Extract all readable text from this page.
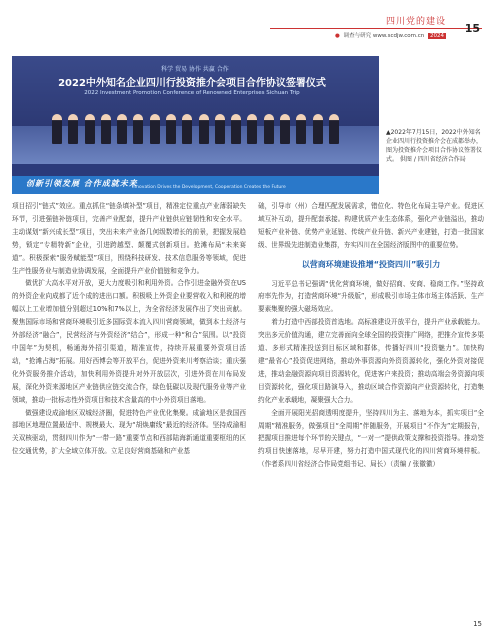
四川党的建设
● 调查与研究 www.scdjw.com.cn 2024
15
科学 贸易 协作 共赢 合作
2022中外知名企业四川行投资推介会项目合作协议签署仪式
2022 Investment Promotion Conference of Renowned Enterprises Sichuan Trip
创新引领发展 合作成就未来
Innovation Drives the Development, Cooperation Creates the Future
▲2022年7月15日，2022中外知名企业四川行投资推介会在成都举办，图为投资推介会项目合作协议签署仪式。 供图 / 四川省经济合作局

项目招引“链式”效应。重点抓住“链条填补型”项目，精准定位重点产业薄弱缺失环节，引进强链补链项目，完善产业配套，提升产业链供应链韧性和安全水平。主动谋划“新兴成长型”项目，突出未来产业备几何级数增长的前景，把握发展趋势，锁定“专精特新”企业，引进跨越型、颠覆式创新项目。抢滩布局“未来赛道”。积极探索“服务赋能型”项目，围绕科技研发、技术信息服务等领域，促进生产性服务业与制造业协调发展，全面提升产业价值链和竞争力。

做优扩大高水平对开放，更大力度吸引和利用外资。合作引进金融外资在US的外资企业向成都了近个成的进出口额。积极吸上外资企业要营收入和利税的增幅以上工业增加值分别超过10%和7%以上，为全省经济发展作出了突出贡献。聚焦国际市场和营商环境吸引近多国际资本流入四川营商领域，做到本土经济与外部经济“融合”，民营经济与外资经济“结合”，形成一种“和合”氛围。以“投资中国年”为契机，畅通海外招引渠道，精准宣传，持续开展重要外资项目活动，“抢滩占海”拓展。用好西博会等开放平台，促进外资来川考察洽谈；重庆强化外资服务推介活动，加快利用外资提升对外开放层次，引进外资在川布局发展，深化外资来源地区产业链供应链交流合作，绿色低碳以及现代服务业等产业领域，推动一批标志性外资项目和技术含量高的中小外资项目落地。

做强建设成渝地区双城经济圈，促进特色产业优化集聚。成渝地区是我国西部地区地理位置最适中、规模最大、现为“胡焕庸线”最近的经济体。坚持成渝相关双核驱动，贯彻四川作为“一带一路”重要节点和西部陆海新通道重要枢纽的区位交通优势，扩大全域立体开放。立足良好营商基础和产业基

础，引导市（州）合理匹配发展需求，错位化、特色化布局主导产业。促进区域互补互动，提升配套承接。构建优质产业生态体系，强化产业链溢出，推动短板产业补链、优势产业延链、传统产业升链、新兴产业建链，打造一批国家级、世界级先进制造业集群，夯实四川在全国经济版图中的重要位势。

以营商环境建设推增“投资四川”吸引力

习近平总书记强调“优化营商环境，做好招商、安商、稳商工作。”坚持政府率先作为，打造营商环境“升级版”，形成吸引市场主体市场主体活跃、生产要素集聚的强大磁场效应。

着力打造中西部投资首选地。高标准建设开放平台，提升产业承载能力。突出多元价值沟通，建立完善面向全球全国的投资推广网络，把推介宣传多渠道、多形式精准投送到目标区域和群体，传播好四川“投资魅力”。加快构建“最省心”投资促进网络，推动外事资源向外资资源转化，强化外资对接促进，推动金融资源向项目资源转化，促进客户来投资；推动高端会务资源向项目资源转化，强化项目路演导入，推动区域合作资源向产业资源转化，打造集约化产业承载地，凝聚强大合力。

全面开展阳光招商透明度提升，坚持四川为主、落地为本，抓实项目“全周期”精准服务，做强项目“全周期”伴随服务，开展项目“不作为”定期报告，把握项目推进每个环节的关键点，“一对一”提供政策支撑和投资指导。推动签约项目快速落地，尽早开建，努力打造中国式现代化的四川营商环境样板。（作者系四川省经济合作局党组书记、局长）（责编 / 张徽徽）

15
